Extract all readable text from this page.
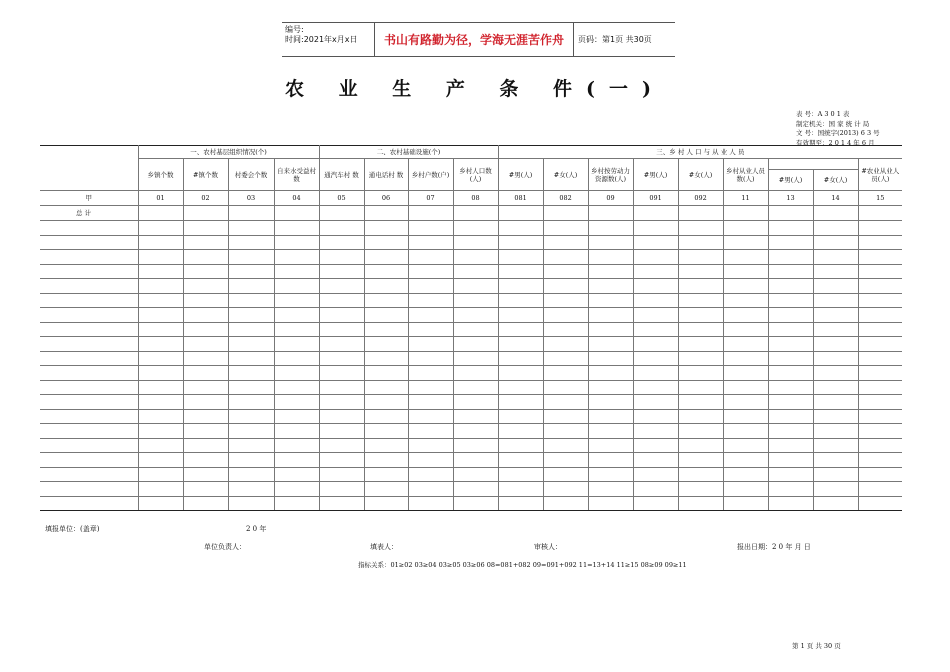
编号:
时间:2021年x月x日	书山有路勤为径，学海无涯苦作舟	页码：第1页 共30页
农 业 生 产 条 件(一)
表 号：A 3 0 1 表
制定机关：国 家 统 计 局
文 号：国统字(2013) 6 3 号
有效期至：2 0 1 4 年 6 月
	一、农村基层组织情况(个)				二、农村基础设施(个)				三、乡 村 人 口 与 从 业 人 员								
	乡镇个数	#镇个数	村委会个数	自来水受益村数	通汽车村 数	通电话村 数	乡村户数(户)	乡村人口数(人)	#男(人)	#女(人)	乡村按劳动力资源数(人)	#男(人)	#女(人)	乡村从业人员数(人)			#农业从业人员(人)
															#男(人)	#女(人)	
甲	01	02	03	04	05	06	07	08	081	082	09	091	092	11	13	14	15
总 计																	

填报单位：(盖章)	2 0 年
单位负责人：	填表人：	审核人：	报出日期：2 0 年 月 日
指标关系：01≥02 03≥04 03≥05 03≥06 08=081+082 09=091+092 11=13+14 11≥15 08≥09 09≥11
第 1 页 共 30 页
